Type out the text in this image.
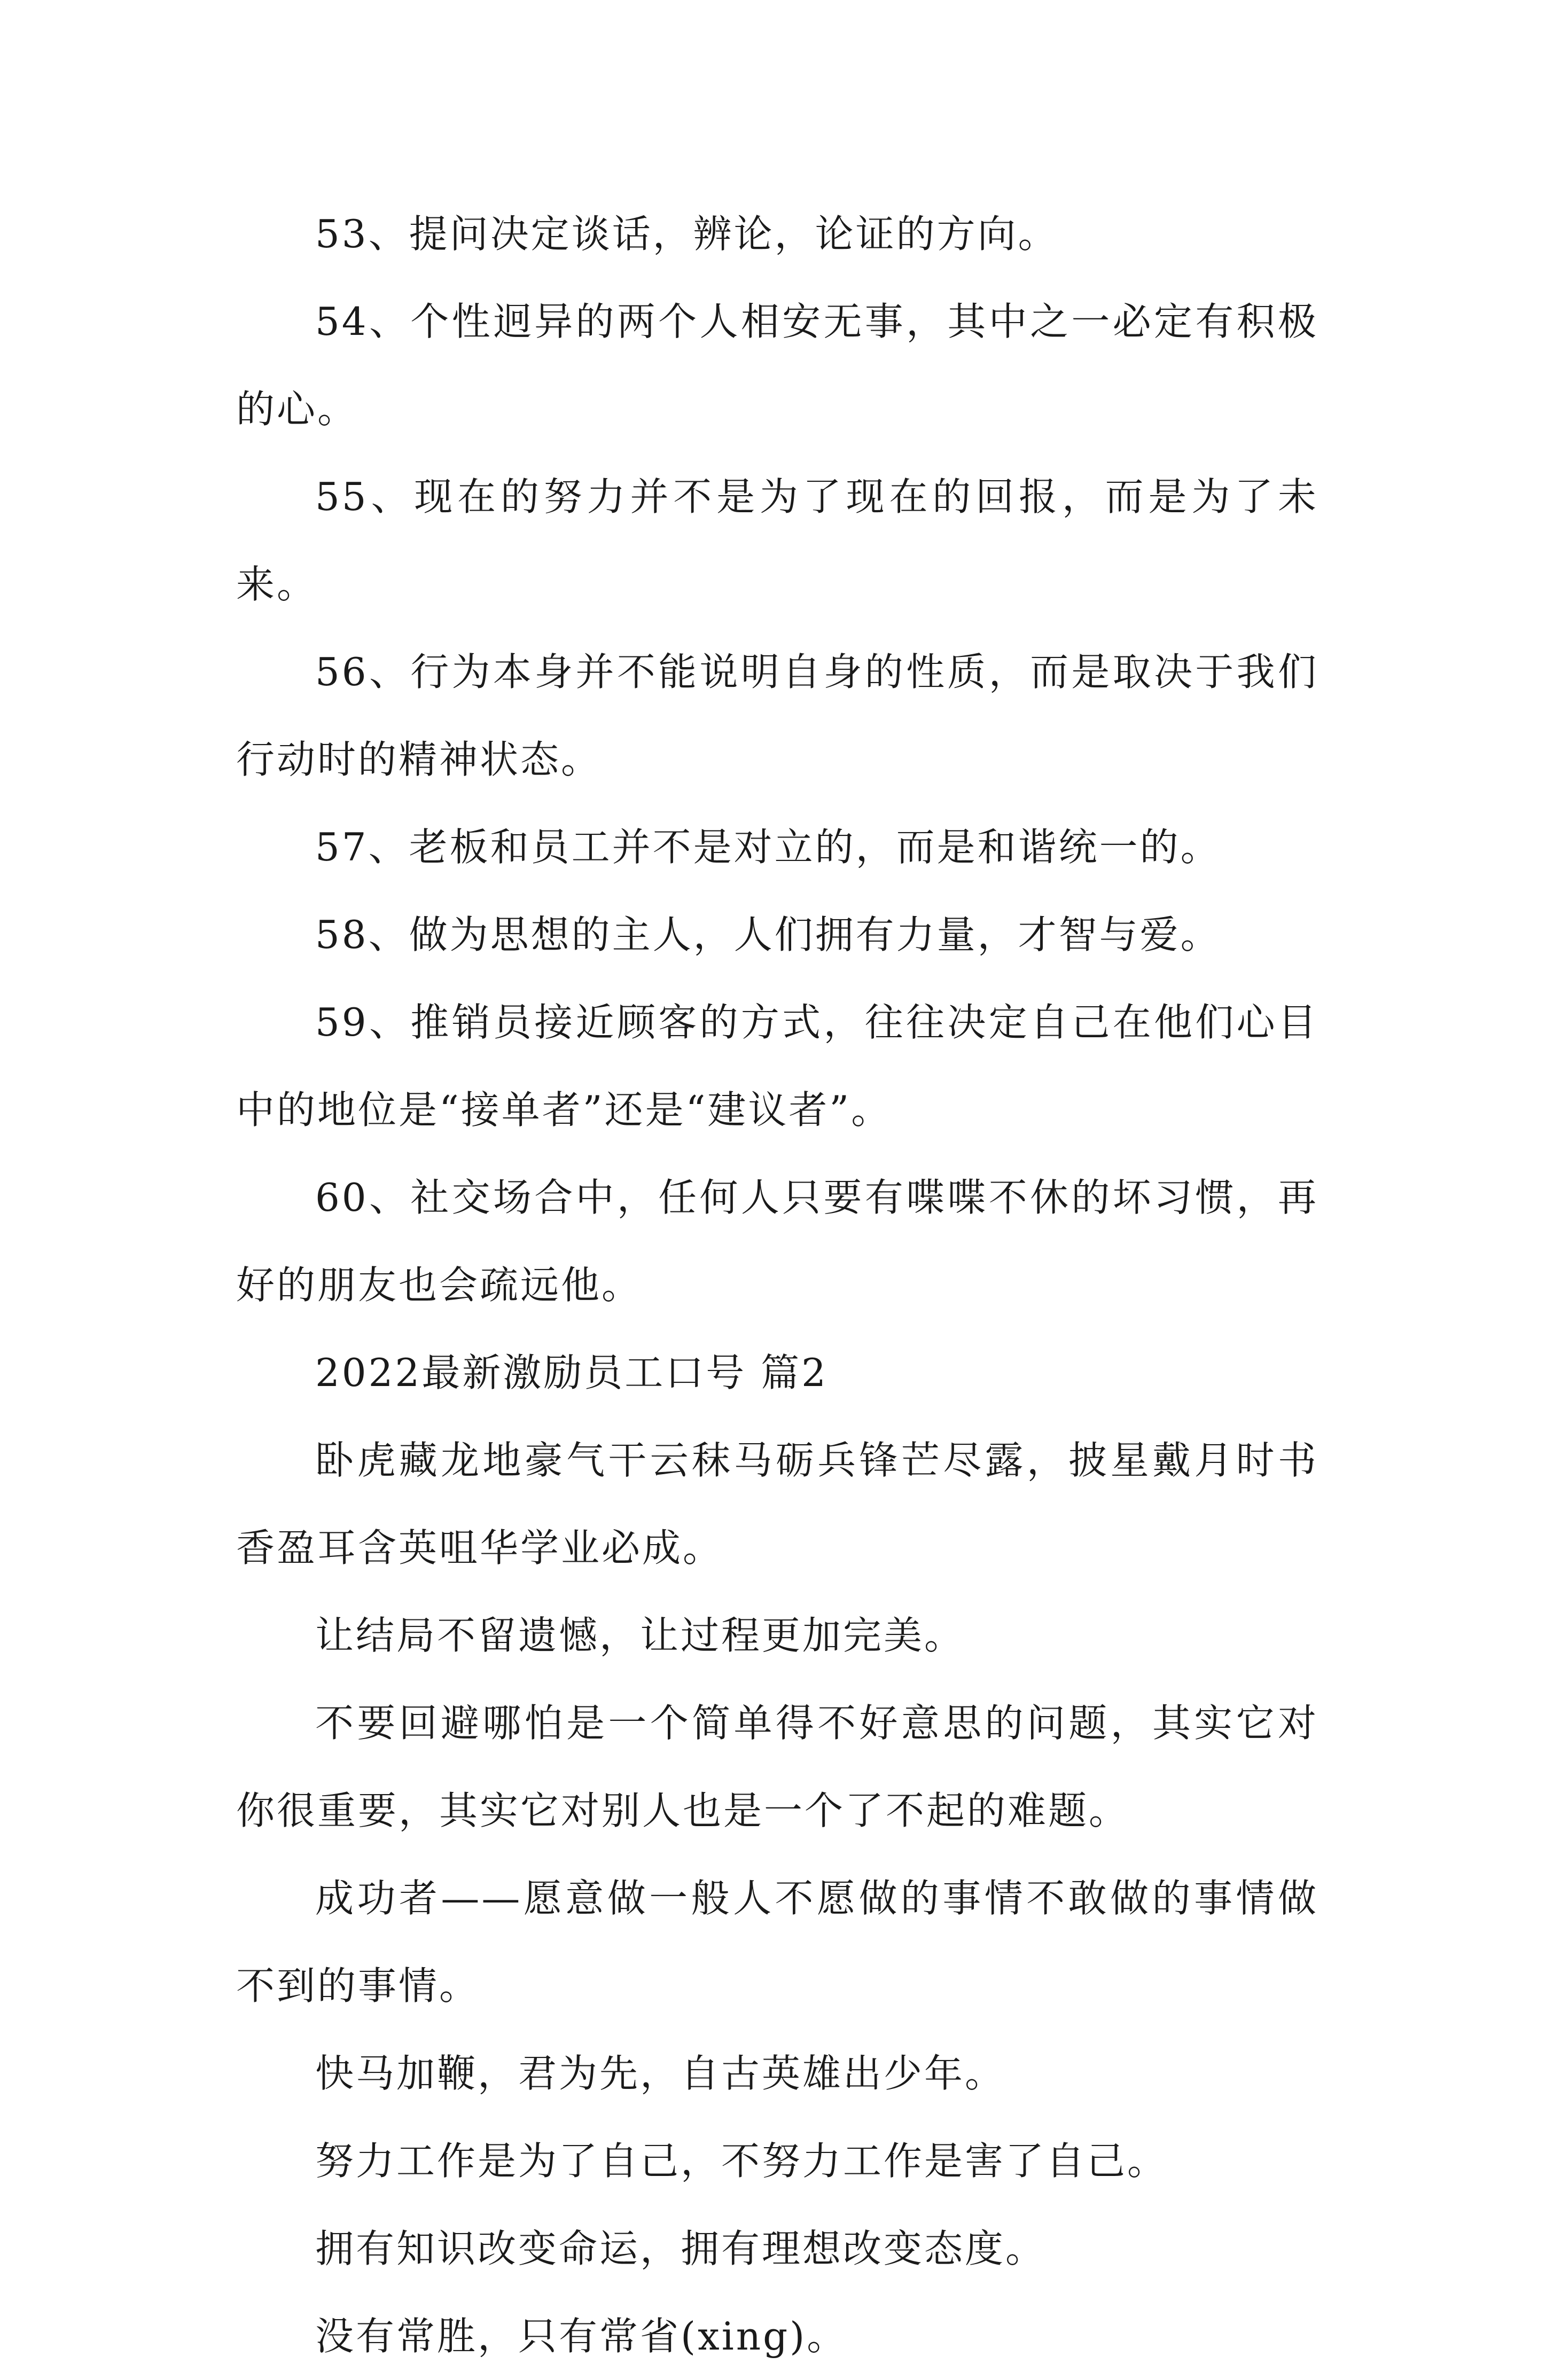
53、提问决定谈话，辨论，论证的方向。

54、个性迥异的两个人相安无事，其中之一必定有积极的心。

55、现在的努力并不是为了现在的回报，而是为了未来。

56、行为本身并不能说明自身的性质，而是取决于我们行动时的精神状态。

57、老板和员工并不是对立的，而是和谐统一的。

58、做为思想的主人，人们拥有力量，才智与爱。

59、推销员接近顾客的方式，往往决定自己在他们心目中的地位是“接单者”还是“建议者”。

60、社交场合中，任何人只要有喋喋不休的坏习惯，再好的朋友也会疏远他。

2022最新激励员工口号 篇2

卧虎藏龙地豪气干云秣马砺兵锋芒尽露，披星戴月时书香盈耳含英咀华学业必成。

让结局不留遗憾，让过程更加完美。

不要回避哪怕是一个简单得不好意思的问题，其实它对你很重要，其实它对别人也是一个了不起的难题。

成功者——愿意做一般人不愿做的事情不敢做的事情做不到的事情。

快马加鞭，君为先，自古英雄出少年。

努力工作是为了自己，不努力工作是害了自己。

拥有知识改变命运，拥有理想改变态度。

没有常胜，只有常省(xing)。
